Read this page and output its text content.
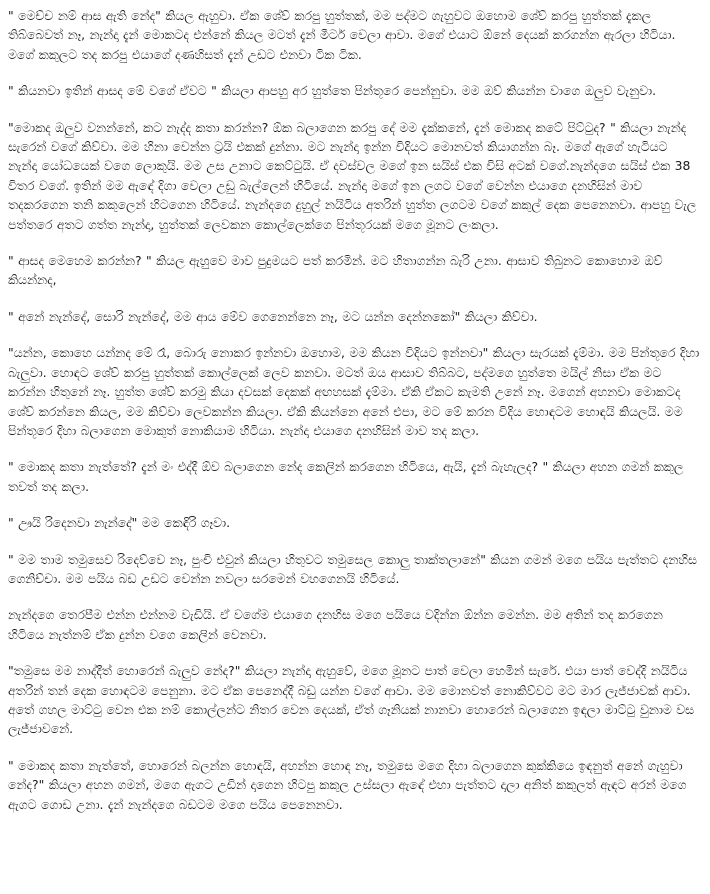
" මෙච්ච නම් ආස ඇති නේද" කියල ඇහුවා. ඒක ශේව් කරපු හුත්තක්, මම පද්මට ගැහුවට ඔහොම ශේව් කරපු හුත්තක් දැකල තිබ්බෙවත් නෑ, නැන්දා දැන් මොකටද එන්නේ කියල මටත් දැන් මීටර් වෙලා ආවා. මගේ එයාට ඕනේ දෙයක් කරගන්න ඇරලා හිටියා. මගේ කකුලට තද කරපු එයාගේ දණහිසත් දැන් උඩට එනවා ටික ටික.

" කියනවා ඉතින් ආසද මේ වගේ ඒවට " කියලා ආපහු අර හුත්තෙ පින්තූරෙ පෙන්නුවා. මම ඔව් කියන්න වාගෙ ඔලුව වැනුවා.

"මොකද ඔලුව වනන්නේ, කට නැද්ද කතා කරන්න? ඕක බලාගෙන කරපු දේ මම දැක්කනේ, දැන් මොකද කටේ පිට්ටුද? " කියලා නැන්ද සැරෙන් වගේ කිව්වා. මම හිනා වෙන්න ට්‍රයි එකක් දුන්නා. මට නැන්දා ඉන්න විදියට මොනවත් කියාගන්න බෑ. මගේ ඇගේ හැටියට නැන්දා යෝධයෙක් වගෙ ලොකුයි. මම උස උනාට කෙට්ටුයි. ඒ දවස්වල මගේ ඉන සයිස් එක විසි අටක් වගේ.නැන්දගෙ සයිස් එක 38 විතර වගේ. ඉතින් මම ඇඳේ දිගා වෙලා උඩු බැල්ලෙන් හිටියේ. නැන්දා මගේ ඉන ලගට වගේ වෙන්න එයාගෙ දනහිසින් මාව තදකරගෙන තනි කකුලෙන් හිටගෙන හිටියේ. නැන්දගෙ දුහුල් නයිටිය අතරින් හුත්ත ලගටම වගේ කකුල් දෙක පෙනෙනවා. ආපහු වැල පත්තරෙ අතට ගත්ත නැන්දා, හුත්තක් ලෙවකන කොල්ලෙක්ගෙ පින්තූරයක් මගෙ මූනට ලංකලා.

" ආසද මෙහෙම කරන්න? " කියල ඇහුවෙ මාව පුදුමයට පත් කරමින්. මට හිතාගන්න බැරි උනා. ආසාව තිබුනට කොහොම ඔව් කියන්නද,

" අනේ නැන්දේ, සොරි නැන්දේ, මම ආය මේව ගෙනෙන්නෙ නෑ, මට යන්න දෙන්නකෝ" කියලා කිව්වා.

"යන්න, කොහෙ යන්නද මේ රෑ, බොරු නොකර ඉන්නවා ඔහොම, මම කියන විදියට ඉන්නවා" කියලා සැරයක් දැම්මා. මම පින්තූරෙ දිහා බැලුවා. හොඳට ශේව් කරපු හුත්තක් කොල්ලෙක් ලෙව කනවා. මටත් ඔය ආසාව තිබ්බට, පද්මගෙ හුත්තෙ මයිල් නිසා ඒක මට කරන්න හිතුනේ නෑ. හුත්ත ශේව් කරමු කියා දවසක් දෙකක් අඟහසක් දැම්මා. ඒකි ඒකට කැමති උනේ නෑ. මගෙන් අහනවා මොකටද ශේව් කරන්නෙ කියල, මම කිව්වා ලෙවකන්න කියලා. ඒකි කියන්නෙ අනේ එපා, මට මේ කරන විදිය හොඳටම හොඳයි කියලයි. මම පින්තූරෙ දිහා බලාගෙන මොකුත් නොකියාම හිටියා. නැන්දා එයාගෙ දනහිසින් මාව තද කලා.

" මොකද කතා නැත්තේ? දැන් මං එද්දී ඕව බලාගෙන නේද කෙලින් කරගෙන හිටියෙ, ඇයි, දැන් බැහැලද? " කියලා අහන ගමන් කකුල තවත් තද කලා.

" ඌයි රිදෙනවා නැන්දේ" මම කෙඳිරි ගෑවා.

" මම තාම තමුසෙව රිදෙව්වෙ නෑ, පුංචි එවුන් කියලා හිතුවට තමුසෙල කොලු තාක්තලානේ" කියන ගමන් මගෙ පයිය පැත්තට දනහිස ගෙනිච්චා. මම පයිය බඩ උඩට වෙන්න නවලා සරමෙන් වහගෙනයි හිටියේ.

නැන්දගෙ තෙරපීම එන්න එන්නම වැඩියි. ඒ වගේම එයාගෙ දනහිස මගෙ පයියෙ වදින්න ඕන්න මෙන්න. මම අතින් තද කරගෙන හිටියෙ නැත්නම් ඒක දුන්න වගෙ කෙලින් වෙනවා.

"තමුසෙ මම නාද්දීත් හොරෙන් බැලුව නේද?" කියලා නැන්දා ඇහුවේ, මගෙ මූනට පාත් වෙලා හෙමින් සැරේ. එයා පාත් වෙද්දි නයිටිය අතරින් තන් දෙක හොඳටම පෙනුනා. මට ඒක පෙනෙද්දී බඩු යන්න වගේ ආවා. මම මොනවත් නොකිව්වට මට මාර ලැජ්ජාවක් ආවා. අතේ ගහල මාට්ටු වෙන එක නම් කොල්ලන්ට නිතර වෙන දෙයක්, ඒත් ගෑනියක් නානවා හොරෙන් බලාගෙන ඉඳලා මාට්ටු වුනාම වස ලැජ්ජාවනේ.

" මොකද කතා නැත්තේ, හොරෙන් බලන්න හොඳයි, අහන්න හොඳ නෑ, තමුසෙ මගෙ දිහා බලාගෙන කුක්කියෙ ඉඳනුත් අනේ ගැහුවා නේද?" කියලා අහන ගමන්, මගෙ ඇගට උඩින් දාගෙන හිටපු කකුල උස්සලා ඇඳේ එහා පැත්තට දාලා අනිත් කකුලත් ඇඳට අරන් මගෙ ඇගට ගොඩ උනා. දැන් නැන්දගෙ බඩටම මගෙ පයිය පෙනෙනවා.
